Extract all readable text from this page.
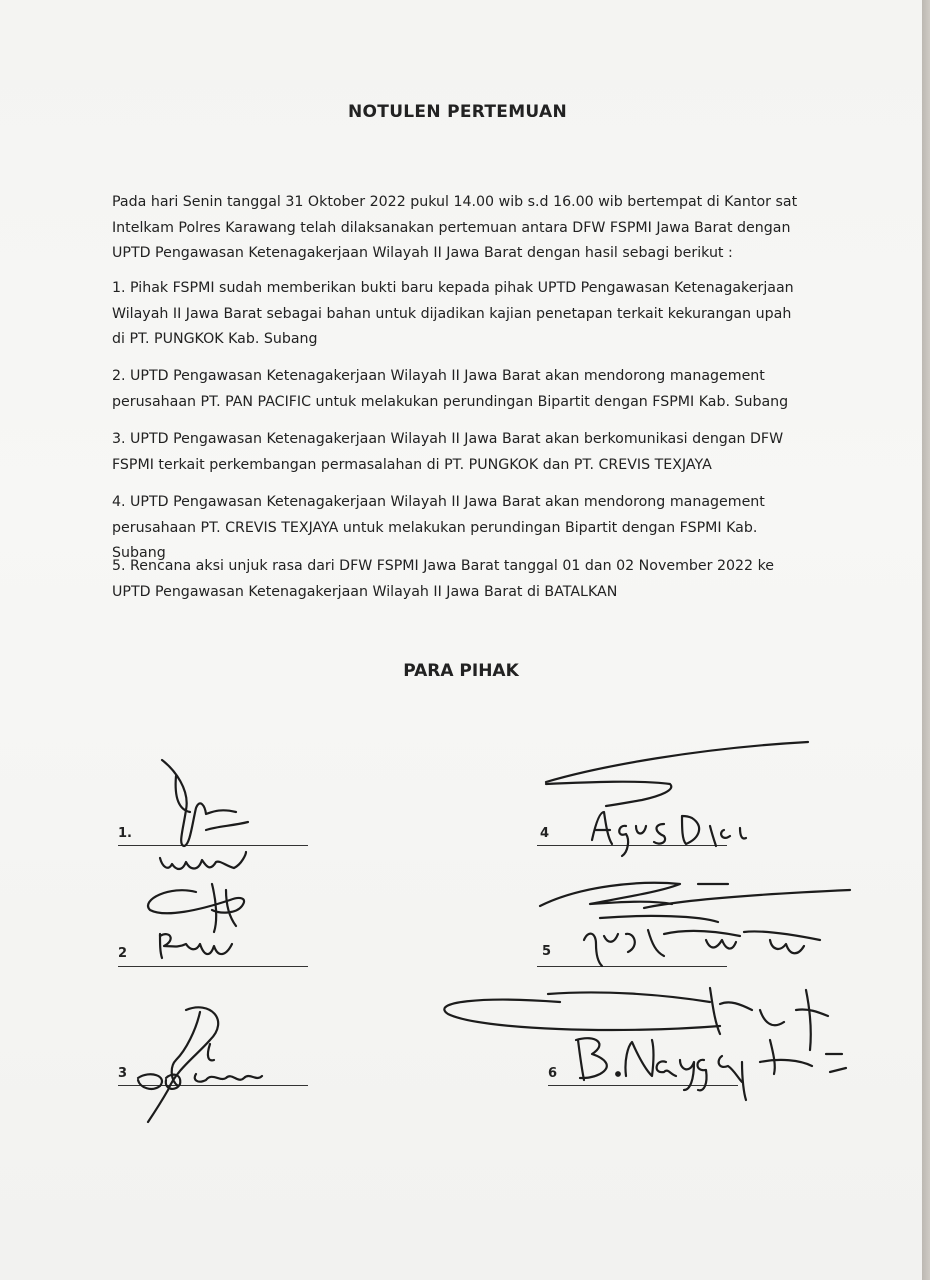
NOTULEN PERTEMUAN
Pada hari Senin tanggal 31 Oktober 2022 pukul 14.00 wib s.d 16.00 wib bertempat di Kantor sat Intelkam Polres Karawang telah dilaksanakan pertemuan antara DFW FSPMI Jawa Barat dengan UPTD Pengawasan Ketenagakerjaan Wilayah II Jawa Barat dengan hasil sebagi berikut :
1. Pihak FSPMI sudah memberikan bukti baru kepada pihak UPTD Pengawasan Ketenagakerjaan Wilayah II Jawa Barat sebagai bahan untuk dijadikan kajian penetapan terkait kekurangan upah di PT. PUNGKOK Kab. Subang
2. UPTD Pengawasan Ketenagakerjaan Wilayah II Jawa Barat akan mendorong management perusahaan PT. PAN PACIFIC untuk melakukan perundingan Bipartit dengan FSPMI Kab. Subang
3. UPTD Pengawasan Ketenagakerjaan Wilayah II Jawa Barat akan berkomunikasi dengan DFW FSPMI terkait perkembangan permasalahan di PT. PUNGKOK dan PT. CREVIS TEXJAYA
4. UPTD Pengawasan Ketenagakerjaan Wilayah II Jawa Barat akan mendorong management perusahaan PT. CREVIS TEXJAYA untuk melakukan perundingan Bipartit dengan FSPMI Kab. Subang
5. Rencana aksi unjuk rasa dari DFW FSPMI Jawa Barat tanggal 01 dan 02 November 2022 ke UPTD Pengawasan Ketenagakerjaan Wilayah II Jawa Barat di BATALKAN
PARA PIHAK
1.
2
3
4
5
6
